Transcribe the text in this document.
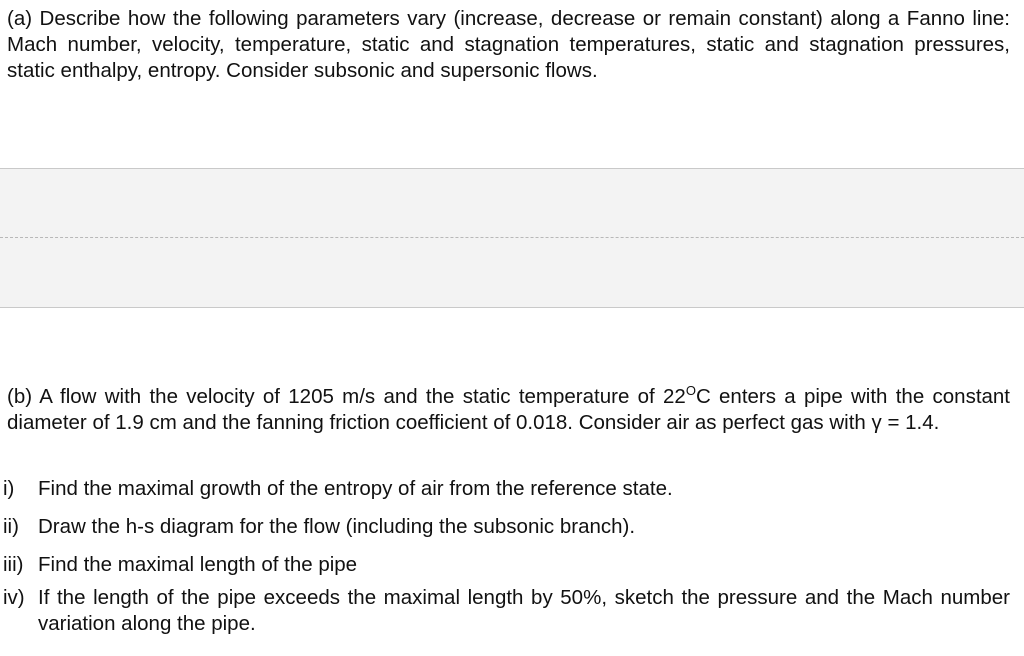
(a) Describe how the following parameters vary (increase, decrease or remain constant) along a Fanno line: Mach number, velocity, temperature, static and stagnation temperatures, static and stagnation pressures, static enthalpy, entropy. Consider subsonic and supersonic flows.

(b) A flow with the velocity of 1205 m/s and the static temperature of $22^OC$ enters a pipe with the constant diameter of 1.9 cm and the fanning friction coefficient of 0.018. Consider air as perfect gas with γ = 1.4.

i) Find the maximal growth of the entropy of air from the reference state.
ii) Draw the h-s diagram for the flow (including the subsonic branch).
iii) Find the maximal length of the pipe
iv) If the length of the pipe exceeds the maximal length by 50%, sketch the pressure and the Mach number variation along the pipe.
